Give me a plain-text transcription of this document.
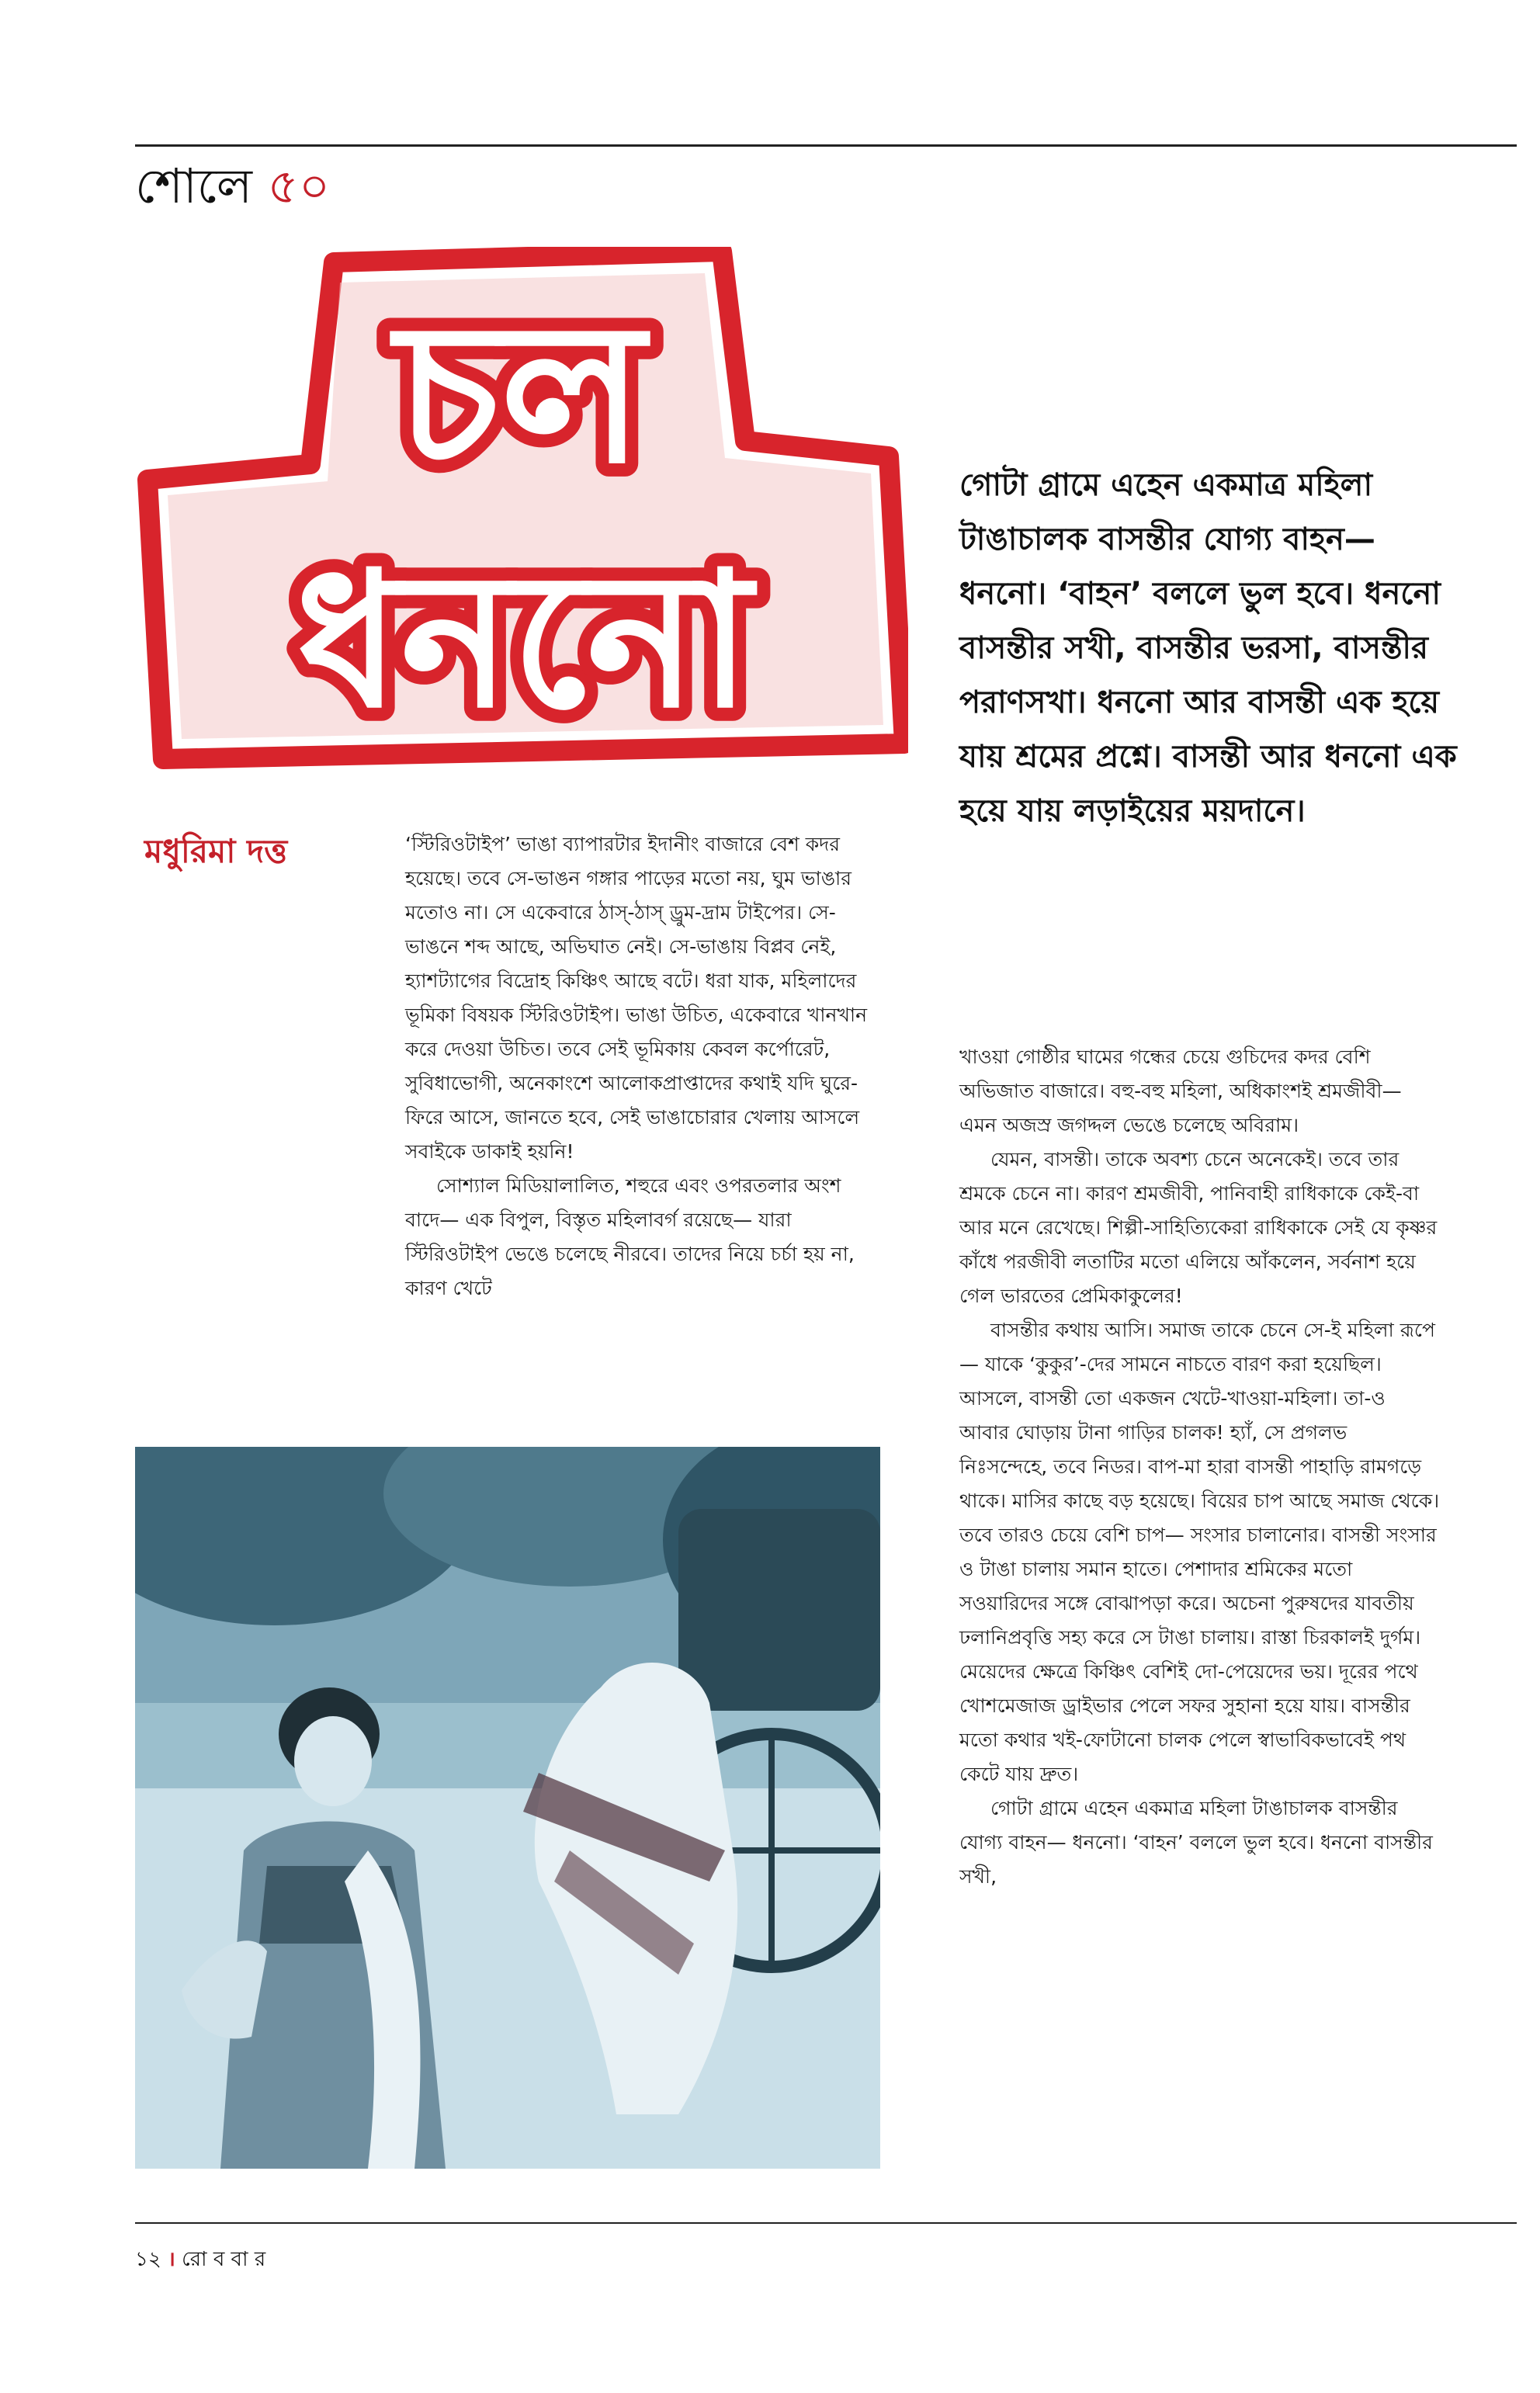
শোলে ৫০
চল
ধননো
গোটা গ্রামে এহেন একমাত্র মহিলা টাঙাচালক বাসন্তীর যোগ্য বাহন— ধননো। ‘বাহন’ বললে ভুল হবে। ধননো বাসন্তীর সখী, বাসন্তীর ভরসা, বাসন্তীর পরাণসখা। ধননো আর বাসন্তী এক হয়ে যায় শ্রমের প্রশ্নে। বাসন্তী আর ধননো এক হয়ে যায় লড়াইয়ের ময়দানে।
মধুরিমা দত্ত	‘স্টিরিওটাইপ’ ভাঙা ব্যাপারটার ইদানীং বাজারে বেশ কদর হয়েছে। তবে সে-ভাঙন গঙ্গার পাড়ের মতো নয়, ঘুম ভাঙার মতোও না। সে একেবারে ঠাস্-ঠাস্ ড্রুম-দ্রাম টাইপের। সে-ভাঙনে শব্দ আছে, অভিঘাত নেই। সে-ভাঙায় বিপ্লব নেই, হ্যাশট্যাগের বিদ্রোহ কিঞ্চিৎ আছে বটে। ধরা যাক, মহিলাদের ভূমিকা বিষয়ক স্টিরিওটাইপ। ভাঙা উচিত, একেবারে খানখান করে দেওয়া উচিত। তবে সেই ভূমিকায় কেবল কর্পোরেট, সুবিধাভোগী, অনেকাংশে আলোকপ্রাপ্তাদের কথাই যদি ঘুরে-ফিরে আসে, জানতে হবে, সেই ভাঙাচোরার খেলায় আসলে সবাইকে ডাকাই হয়নি!

সোশ্যাল মিডিয়ালালিত, শহুরে এবং ওপরতলার অংশ বাদে— এক বিপুল, বিস্তৃত মহিলাবর্গ রয়েছে— যারা স্টিরিওটাইপ ভেঙে চলেছে নীরবে। তাদের নিয়ে চর্চা হয় না, কারণ খেটে

খাওয়া গোষ্ঠীর ঘামের গন্ধের চেয়ে গুচিদের কদর বেশি অভিজাত বাজারে। বহু-বহু মহিলা, অধিকাংশই শ্রমজীবী— এমন অজস্র জগদ্দল ভেঙে চলেছে অবিরাম।

যেমন, বাসন্তী। তাকে অবশ্য চেনে অনেকেই। তবে তার শ্রমকে চেনে না। কারণ শ্রমজীবী, পানিবাহী রাধিকাকে কেই-বা আর মনে রেখেছে। শিল্পী-সাহিত্যিকেরা রাধিকাকে সেই যে কৃষ্ণর কাঁধে পরজীবী লতাটির মতো এলিয়ে আঁকলেন, সর্বনাশ হয়ে গেল ভারতের প্রেমিকাকুলের!

বাসন্তীর কথায় আসি। সমাজ তাকে চেনে সে-ই মহিলা রূপে— যাকে ‘কুকুর’-দের সামনে নাচতে বারণ করা হয়েছিল। আসলে, বাসন্তী তো একজন খেটে-খাওয়া-মহিলা। তা-ও আবার ঘোড়ায় টানা গাড়ির চালক! হ্যাঁ, সে প্রগলভ নিঃসন্দেহে, তবে নিডর। বাপ-মা হারা বাসন্তী পাহাড়ি রামগড়ে থাকে। মাসির কাছে বড় হয়েছে। বিয়ের চাপ আছে সমাজ থেকে। তবে তারও চেয়ে বেশি চাপ— সংসার চালানোর। বাসন্তী সংসার ও টাঙা চালায় সমান হাতে। পেশাদার শ্রমিকের মতো সওয়ারিদের সঙ্গে বোঝাপড়া করে। অচেনা পুরুষদের যাবতীয় ঢলানিপ্রবৃত্তি সহ্য করে সে টাঙা চালায়। রাস্তা চিরকালই দুর্গম। মেয়েদের ক্ষেত্রে কিঞ্চিৎ বেশিই দো-পেয়েদের ভয়। দূরের পথে খোশমেজাজ ড্রাইভার পেলে সফর সুহানা হয়ে যায়। বাসন্তীর মতো কথার খই-ফোটানো চালক পেলে স্বাভাবিকভাবেই পথ কেটে যায় দ্রুত।

গোটা গ্রামে এহেন একমাত্র মহিলা টাঙাচালক বাসন্তীর যোগ্য বাহন— ধননো। ‘বাহন’ বললে ভুল হবে। ধননো বাসন্তীর সখী,

১২ । রো ব বা র
